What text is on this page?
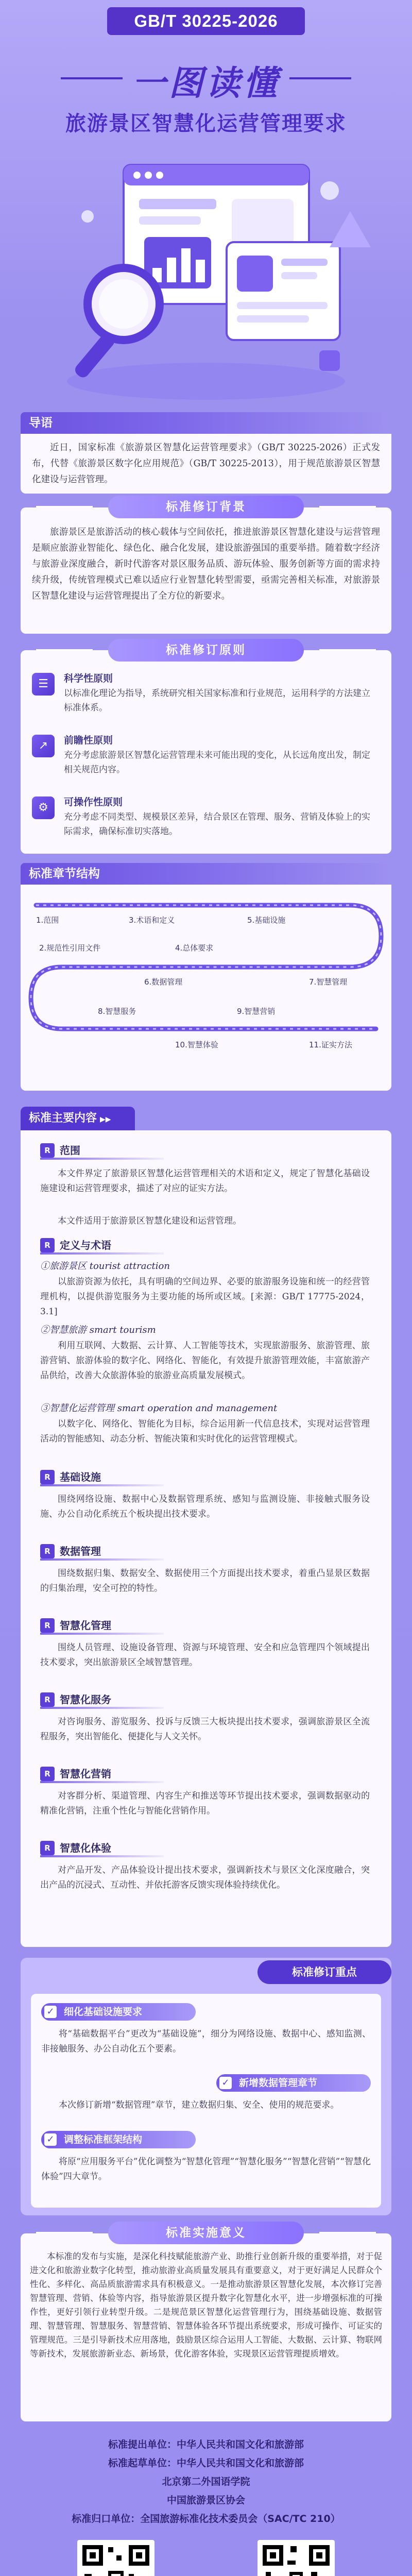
GB/T 30225-2026
一图读懂
旅游景区智慧化运营管理要求
导语

近日，国家标准《旅游景区智慧化运营管理要求》（GB/T 30225-2026）正式发布，代替《旅游景区数字化应用规范》（GB/T 30225-2013），用于规范旅游景区智慧化建设与运营管理。

标准修订背景

旅游景区是旅游活动的核心载体与空间依托，推进旅游景区智慧化建设与运营管理是顺应旅游业智能化、绿色化、融合化发展，建设旅游强国的重要举措。随着数字经济与旅游业深度融合，新时代游客对景区服务品质、游玩体验、服务创新等方面的需求持续升级，传统管理模式已难以适应行业智慧化转型需要，亟需完善相关标准，对旅游景区智慧化建设与运营管理提出了全方位的新要求。

标准修订原则
☰	科学性原则
以标准化理论为指导，系统研究相关国家标准和行业规范，运用科学的方法建立标准体系。
↗	前瞻性原则
充分考虑旅游景区智慧化运营管理未来可能出现的变化，从长远角度出发，制定相关规范内容。
⚙	可操作性原则
充分考虑不同类型、规模景区差异，结合景区在管理、服务、营销及体验上的实际需求，确保标准切实落地。
标准章节结构
1.范围
2.规范性引用文件
3.术语和定义
4.总体要求
5.基础设施
6.数据管理	7.智慧管理
8.智慧服务	9.智慧营销
10.智慧体验	11.证实方法
标准主要内容 ▶▶
R 范围

本文件界定了旅游景区智慧化运营管理相关的术语和定义，规定了智慧化基础设施建设和运营管理要求，描述了对应的证实方法。

本文件适用于旅游景区智慧化建设和运营管理。

R 定义与术语
①旅游景区 tourist attraction

以旅游资源为依托，具有明确的空间边界、必要的旅游服务设施和统一的经营管理机构，以提供游览服务为主要功能的场所或区域。[来源：GB/T 17775-2024，3.1]

②智慧旅游 smart tourism

利用互联网、大数据、云计算、人工智能等技术，实现旅游服务、旅游管理、旅游营销、旅游体验的数字化、网络化、智能化，有效提升旅游管理效能，丰富旅游产品供给，改善大众旅游体验的旅游业高质量发展模式。

③智慧化运营管理 smart operation and management

以数字化、网络化、智能化为目标，综合运用新一代信息技术，实现对运营管理活动的智能感知、动态分析、智能决策和实时优化的运营管理模式。

R 基础设施

围绕网络设施、数据中心及数据管理系统、感知与监测设施、非接触式服务设施、办公自动化系统五个板块提出技术要求。

R 数据管理

围绕数据归集、数据安全、数据使用三个方面提出技术要求，着重凸显景区数据的归集治理，安全可控的特性。

R 智慧化管理

围绕人员管理、设施设备管理、资源与环境管理、安全和应急管理四个领域提出技术要求，突出旅游景区全域智慧管理。

R 智慧化服务

对咨询服务、游览服务、投诉与反馈三大板块提出技术要求，强调旅游景区全流程服务，突出智能化、便捷化与人文关怀。

R 智慧化营销

对客群分析、渠道管理、内容生产和推送等环节提出技术要求，强调数据驱动的精准化营销，注重个性化与智能化营销作用。

R 智慧化体验

对产品开发、产品体验设计提出技术要求，强调新技术与景区文化深度融合，突出产品的沉浸式、互动性、并依托游客反馈实现体验持续优化。

标准修订重点
✓ 细化基础设施要求

将“基础数据平台”更改为“基础设施”，细分为网络设施、数据中心、感知监测、非接触服务、办公自动化五个要素。

✓ 新增数据管理章节

本次修订新增“数据管理”章节，建立数据归集、安全、使用的规范要求。

✓ 调整标准框架结构

将原“应用服务平台”优化调整为“智慧化管理”“智慧化服务”“智慧化营销”“智慧化体验”四大章节。

标准实施意义

本标准的发布与实施，是深化科技赋能旅游产业、助推行业创新升级的重要举措，对于促进文化和旅游业数字化转型，推动旅游业高质量发展具有重要意义，对于更好满足人民群众个性化、多样化、高品质旅游需求具有积极意义。一是推动旅游景区智慧化发展，本次修订完善智慧管理、营销、体验等内容，指导旅游景区提升数字化智慧化水平，进一步增强标准的可操作性，更好引领行业转型升级。二是规范景区智慧化运营管理行为，围绕基础设施、数据管理、智慧管理、智慧服务、智慧营销、智慧体验各环节提出系统要求，形成可操作、可证实的管理规范。三是引导新技术应用落地，鼓励景区综合运用人工智能、大数据、云计算、物联网等新技术，发展旅游新业态、新场景，优化游客体验，实现景区运营管理提质增效。

标准提出单位：中华人民共和国文化和旅游部
标准起草单位：中华人民共和国文化和旅游部
北京第二外国语学院
中国旅游景区协会
标准归口单位：全国旅游标准化技术委员会（SAC/TC 210）
